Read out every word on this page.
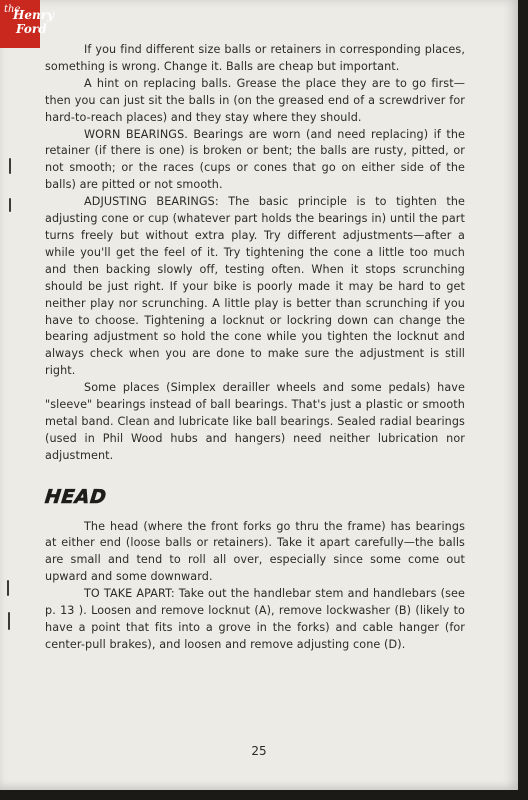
the
Henry
Ford

If you find different size balls or retainers in corresponding places, something is wrong. Change it. Balls are cheap but important.

A hint on replacing balls. Grease the place they are to go first—then you can just sit the balls in (on the greased end of a screwdriver for hard-to-reach places) and they stay where they should.

WORN BEARINGS. Bearings are worn (and need replacing) if the retainer (if there is one) is broken or bent; the balls are rusty, pitted, or not smooth; or the races (cups or cones that go on either side of the balls) are pitted or not smooth.

ADJUSTING BEARINGS: The basic principle is to tighten the adjusting cone or cup (whatever part holds the bearings in) until the part turns freely but without extra play. Try different adjustments—after a while you'll get the feel of it. Try tightening the cone a little too much and then backing slowly off, testing often. When it stops scrunching should be just right. If your bike is poorly made it may be hard to get neither play nor scrunching. A little play is better than scrunching if you have to choose. Tightening a locknut or lockring down can change the bearing adjustment so hold the cone while you tighten the locknut and always check when you are done to make sure the adjustment is still right.

Some places (Simplex derailler wheels and some pedals) have "sleeve" bearings instead of ball bearings. That's just a plastic or smooth metal band. Clean and lubricate like ball bearings. Sealed radial bearings (used in Phil Wood hubs and hangers) need neither lubrication nor adjustment.

HEAD

The head (where the front forks go thru the frame) has bearings at either end (loose balls or retainers). Take it apart carefully—the balls are small and tend to roll all over, especially since some come out upward and some downward.

TO TAKE APART: Take out the handlebar stem and handlebars (see p. 13 ). Loosen and remove locknut (A), remove lockwasher (B) (likely to have a point that fits into a grove in the forks) and cable hanger (for center-pull brakes), and loosen and remove adjusting cone (D).

25
